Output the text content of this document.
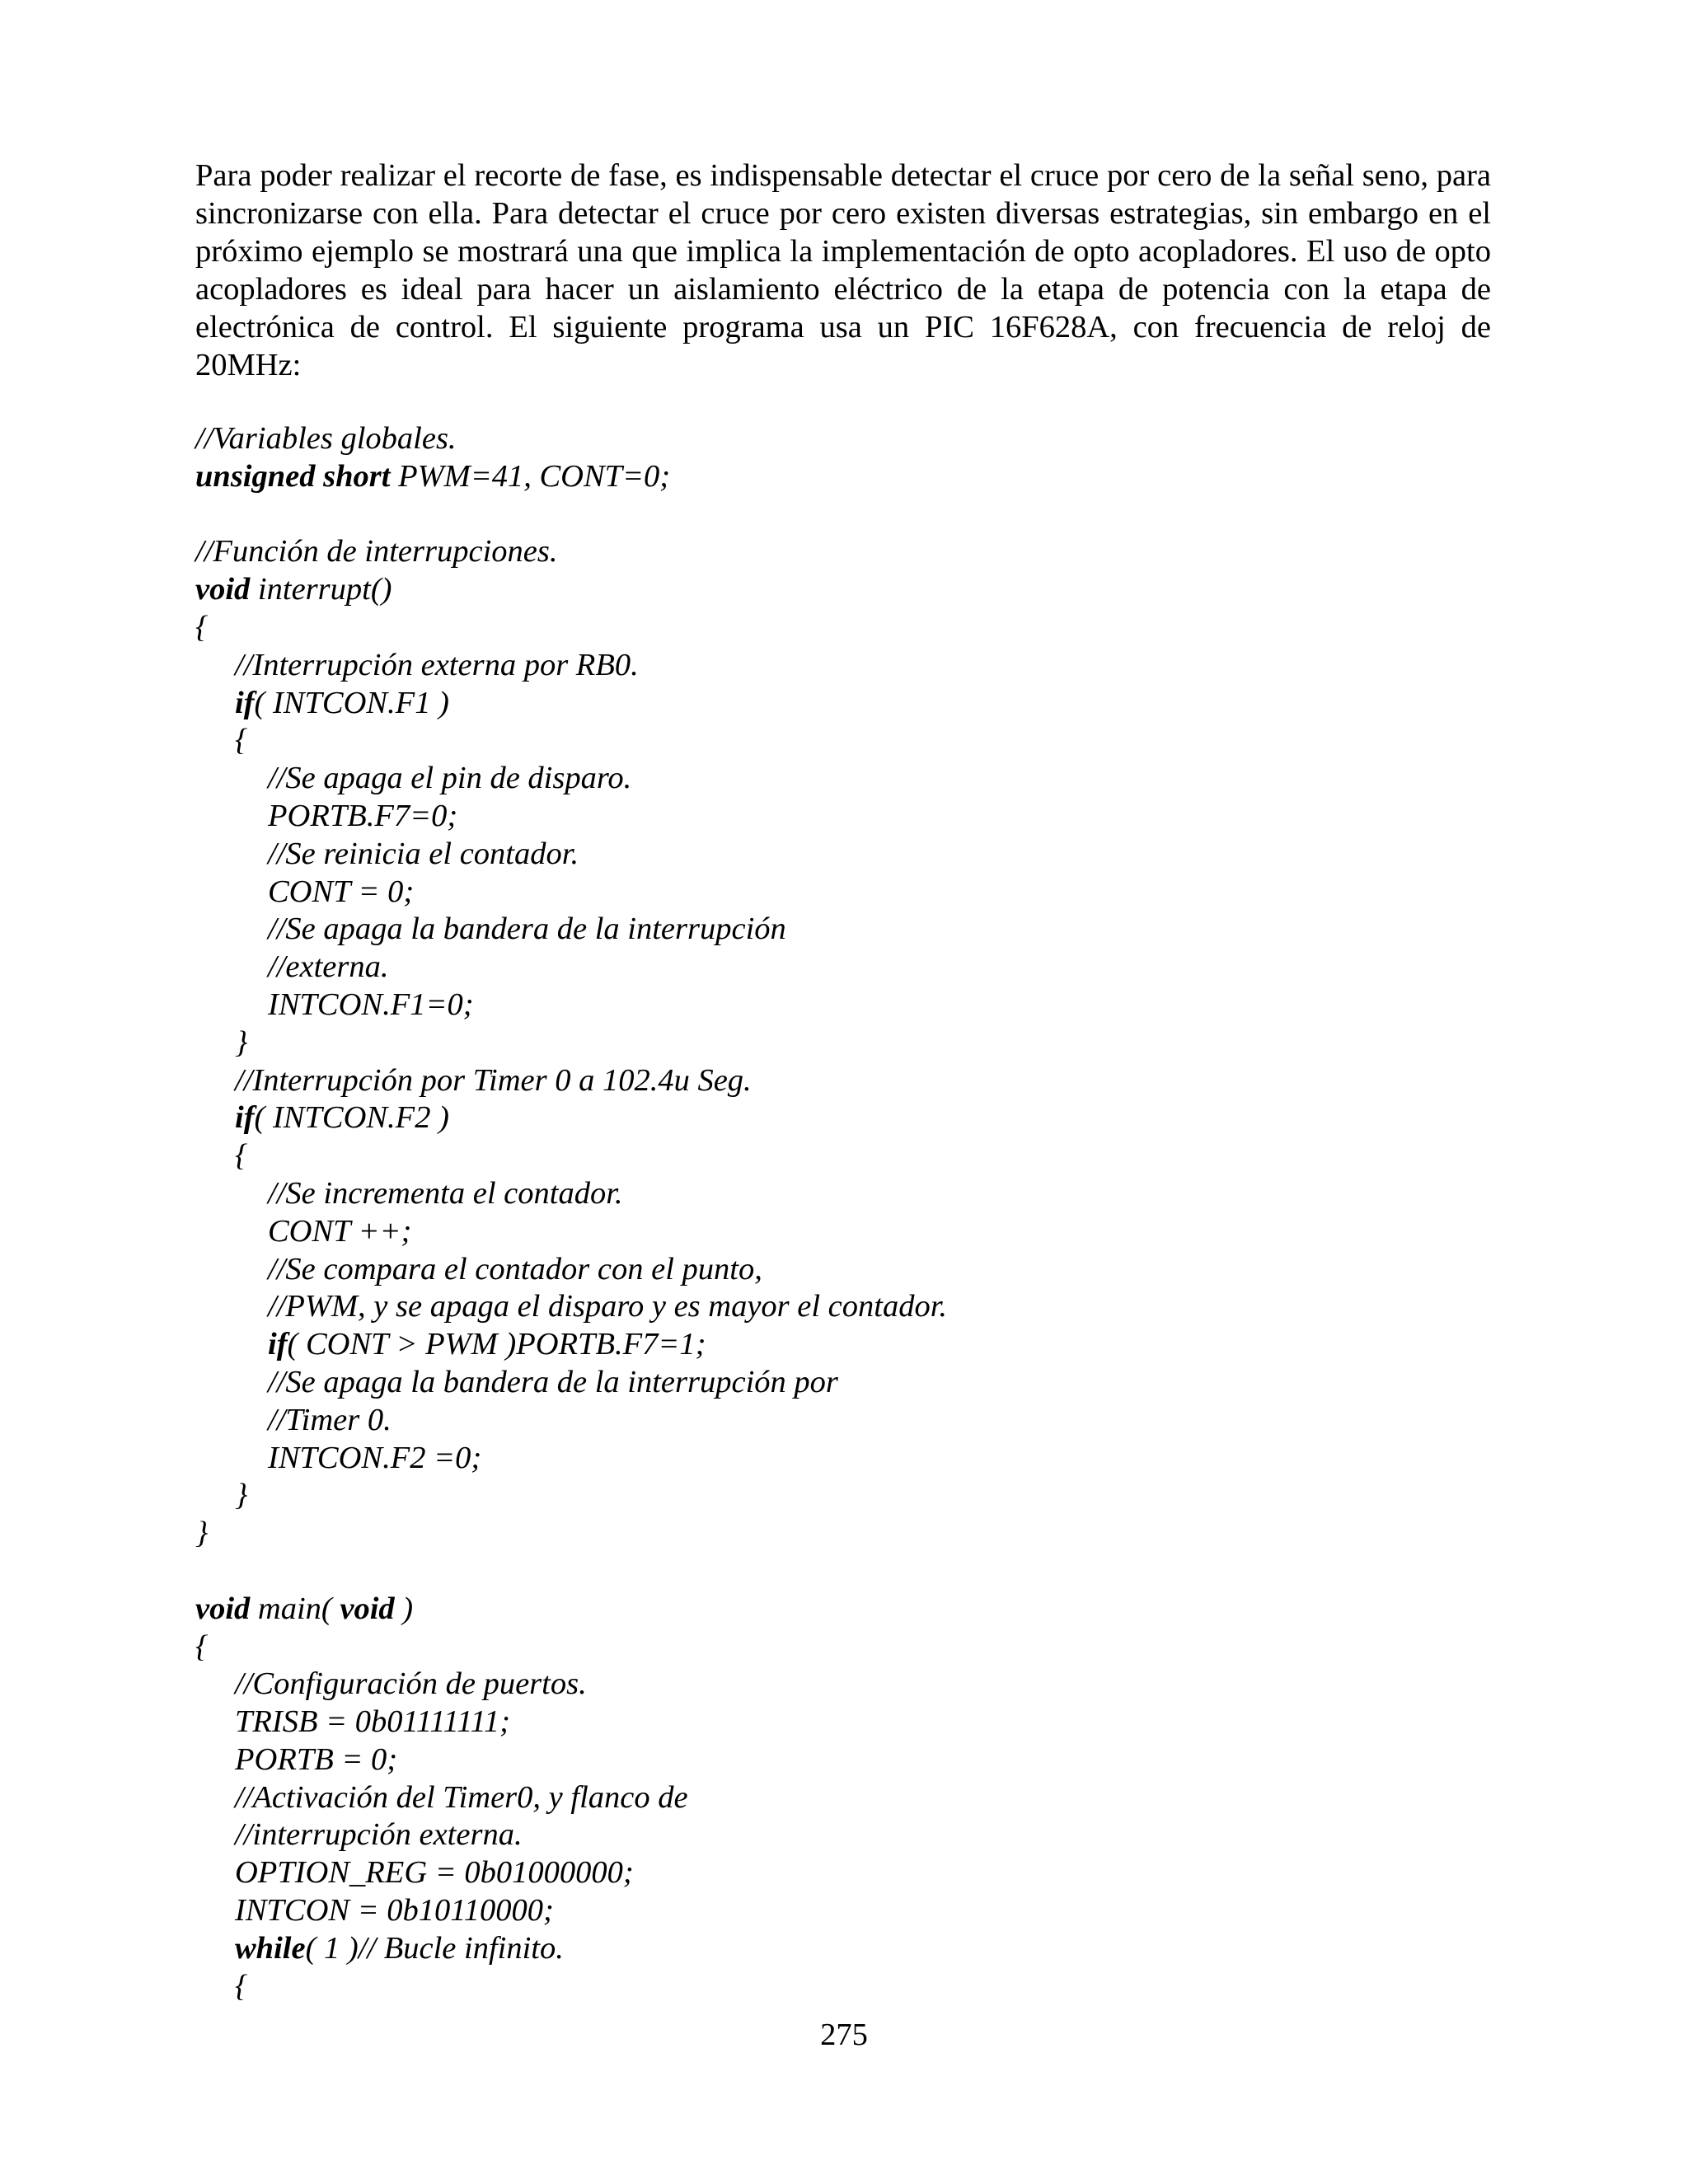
Para poder realizar el recorte de fase, es indispensable detectar el cruce por cero de la señal seno, para sincronizarse con ella. Para detectar el cruce por cero existen diversas estrategias, sin embargo en el próximo ejemplo se mostrará una que implica la implementación de opto acopladores. El uso de opto acopladores es ideal para hacer un aislamiento eléctrico de la etapa de potencia con la etapa de electrónica de control. El siguiente programa usa un PIC 16F628A, con frecuencia de reloj de 20MHz:

//Variables globales.
unsigned short PWM=41, CONT=0;
//Función de interrupciones.
void interrupt()
{
//Interrupción externa por RB0.
if( INTCON.F1 )
{
//Se apaga el pin de disparo.
PORTB.F7=0;
//Se reinicia el contador.
CONT = 0;
//Se apaga la bandera de la interrupción
//externa.
INTCON.F1=0;
}
//Interrupción por Timer 0 a 102.4u Seg.
if( INTCON.F2 )
{
//Se incrementa el contador.
CONT ++;
//Se compara el contador con el punto,
//PWM, y se apaga el disparo y es mayor el contador.
if( CONT > PWM )PORTB.F7=1;
//Se apaga la bandera de la interrupción por
//Timer 0.
INTCON.F2 =0;
}
}
void main( void )
{
//Configuración de puertos.
TRISB = 0b01111111;
PORTB = 0;
//Activación del Timer0, y flanco de
//interrupción externa.
OPTION_REG = 0b01000000;
INTCON = 0b10110000;
while( 1 )// Bucle infinito.
{
275
